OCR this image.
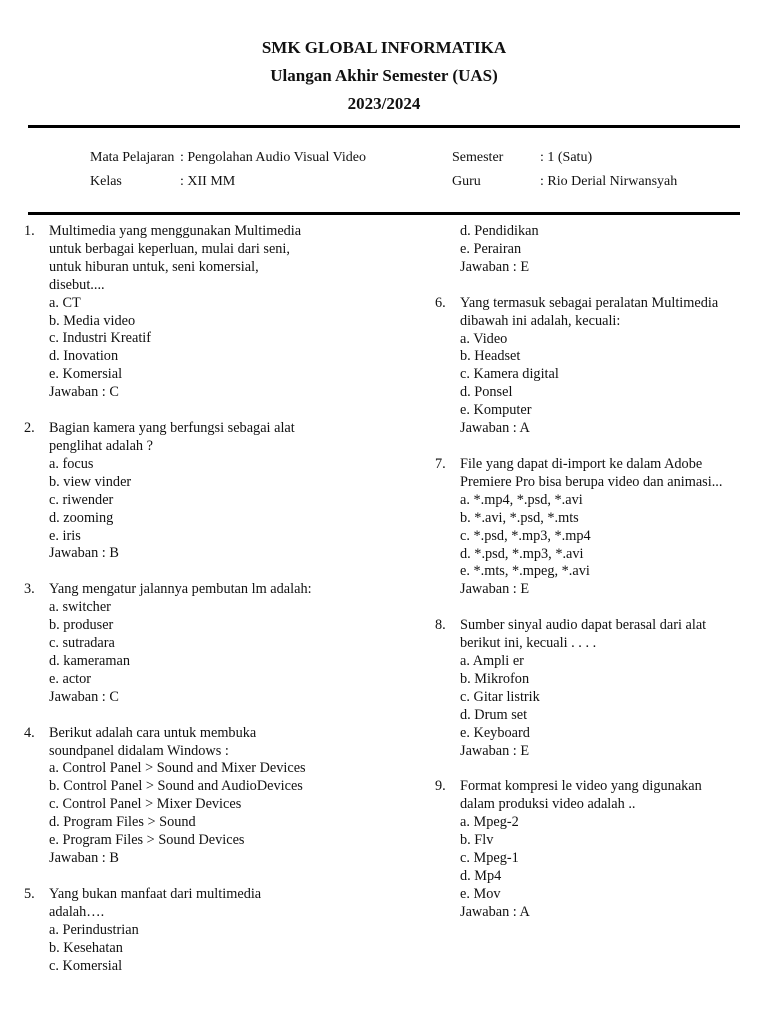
SMK GLOBAL INFORMATIKA
Ulangan Akhir Semester (UAS)
2023/2024
Mata Pelajaran : Pengolahan Audio Visual Video
Kelas	: XII MM
Semester	: 1 (Satu)
Guru	: Rio Derial Nirwansyah
1. Multimedia yang menggunakan Multimedia
untuk berbagai keperluan, mulai dari seni,
untuk hiburan untuk, seni komersial,
disebut....
a. CT
b. Media video
c. Industri Kreatif
d. Inovation
e. Komersial
Jawaban : C
2. Bagian kamera yang berfungsi sebagai alat
penglihat adalah ?
a. focus
b. view vinder
c. riwender
d. zooming
e. iris
Jawaban : B
3. Yang mengatur jalannya pembutan lm adalah:
a. switcher
b. produser
c. sutradara
d. kameraman
e. actor
Jawaban : C
4. Berikut adalah cara untuk membuka
soundpanel didalam Windows :
a. Control Panel > Sound and Mixer Devices
b. Control Panel > Sound and AudioDevices
c. Control Panel > Mixer Devices
d. Program Files > Sound
e. Program Files > Sound Devices
Jawaban : B
5. Yang bukan manfaat dari multimedia
adalah….
a. Perindustrian
b. Kesehatan
c. Komersial
d. Pendidikan
e. Perairan
Jawaban : E
6. Yang termasuk sebagai peralatan Multimedia
dibawah ini adalah, kecuali:
a. Video
b. Headset
c. Kamera digital
d. Ponsel
e. Komputer
Jawaban : A
7. File yang dapat di-import ke dalam Adobe
Premiere Pro bisa berupa video dan animasi...
a. *.mp4, *.psd, *.avi
b. *.avi, *.psd, *.mts
c. *.psd, *.mp3, *.mp4
d. *.psd, *.mp3, *.avi
e. *.mts, *.mpeg, *.avi
Jawaban : E
8. Sumber sinyal audio dapat berasal dari alat
berikut ini, kecuali . . . .
a. Ampli er
b. Mikrofon
c. Gitar listrik
d. Drum set
e. Keyboard
Jawaban : E
9. Format kompresi le video yang digunakan
dalam produksi video adalah ..
a. Mpeg-2
b. Flv
c. Mpeg-1
d. Mp4
e. Mov
Jawaban : A
